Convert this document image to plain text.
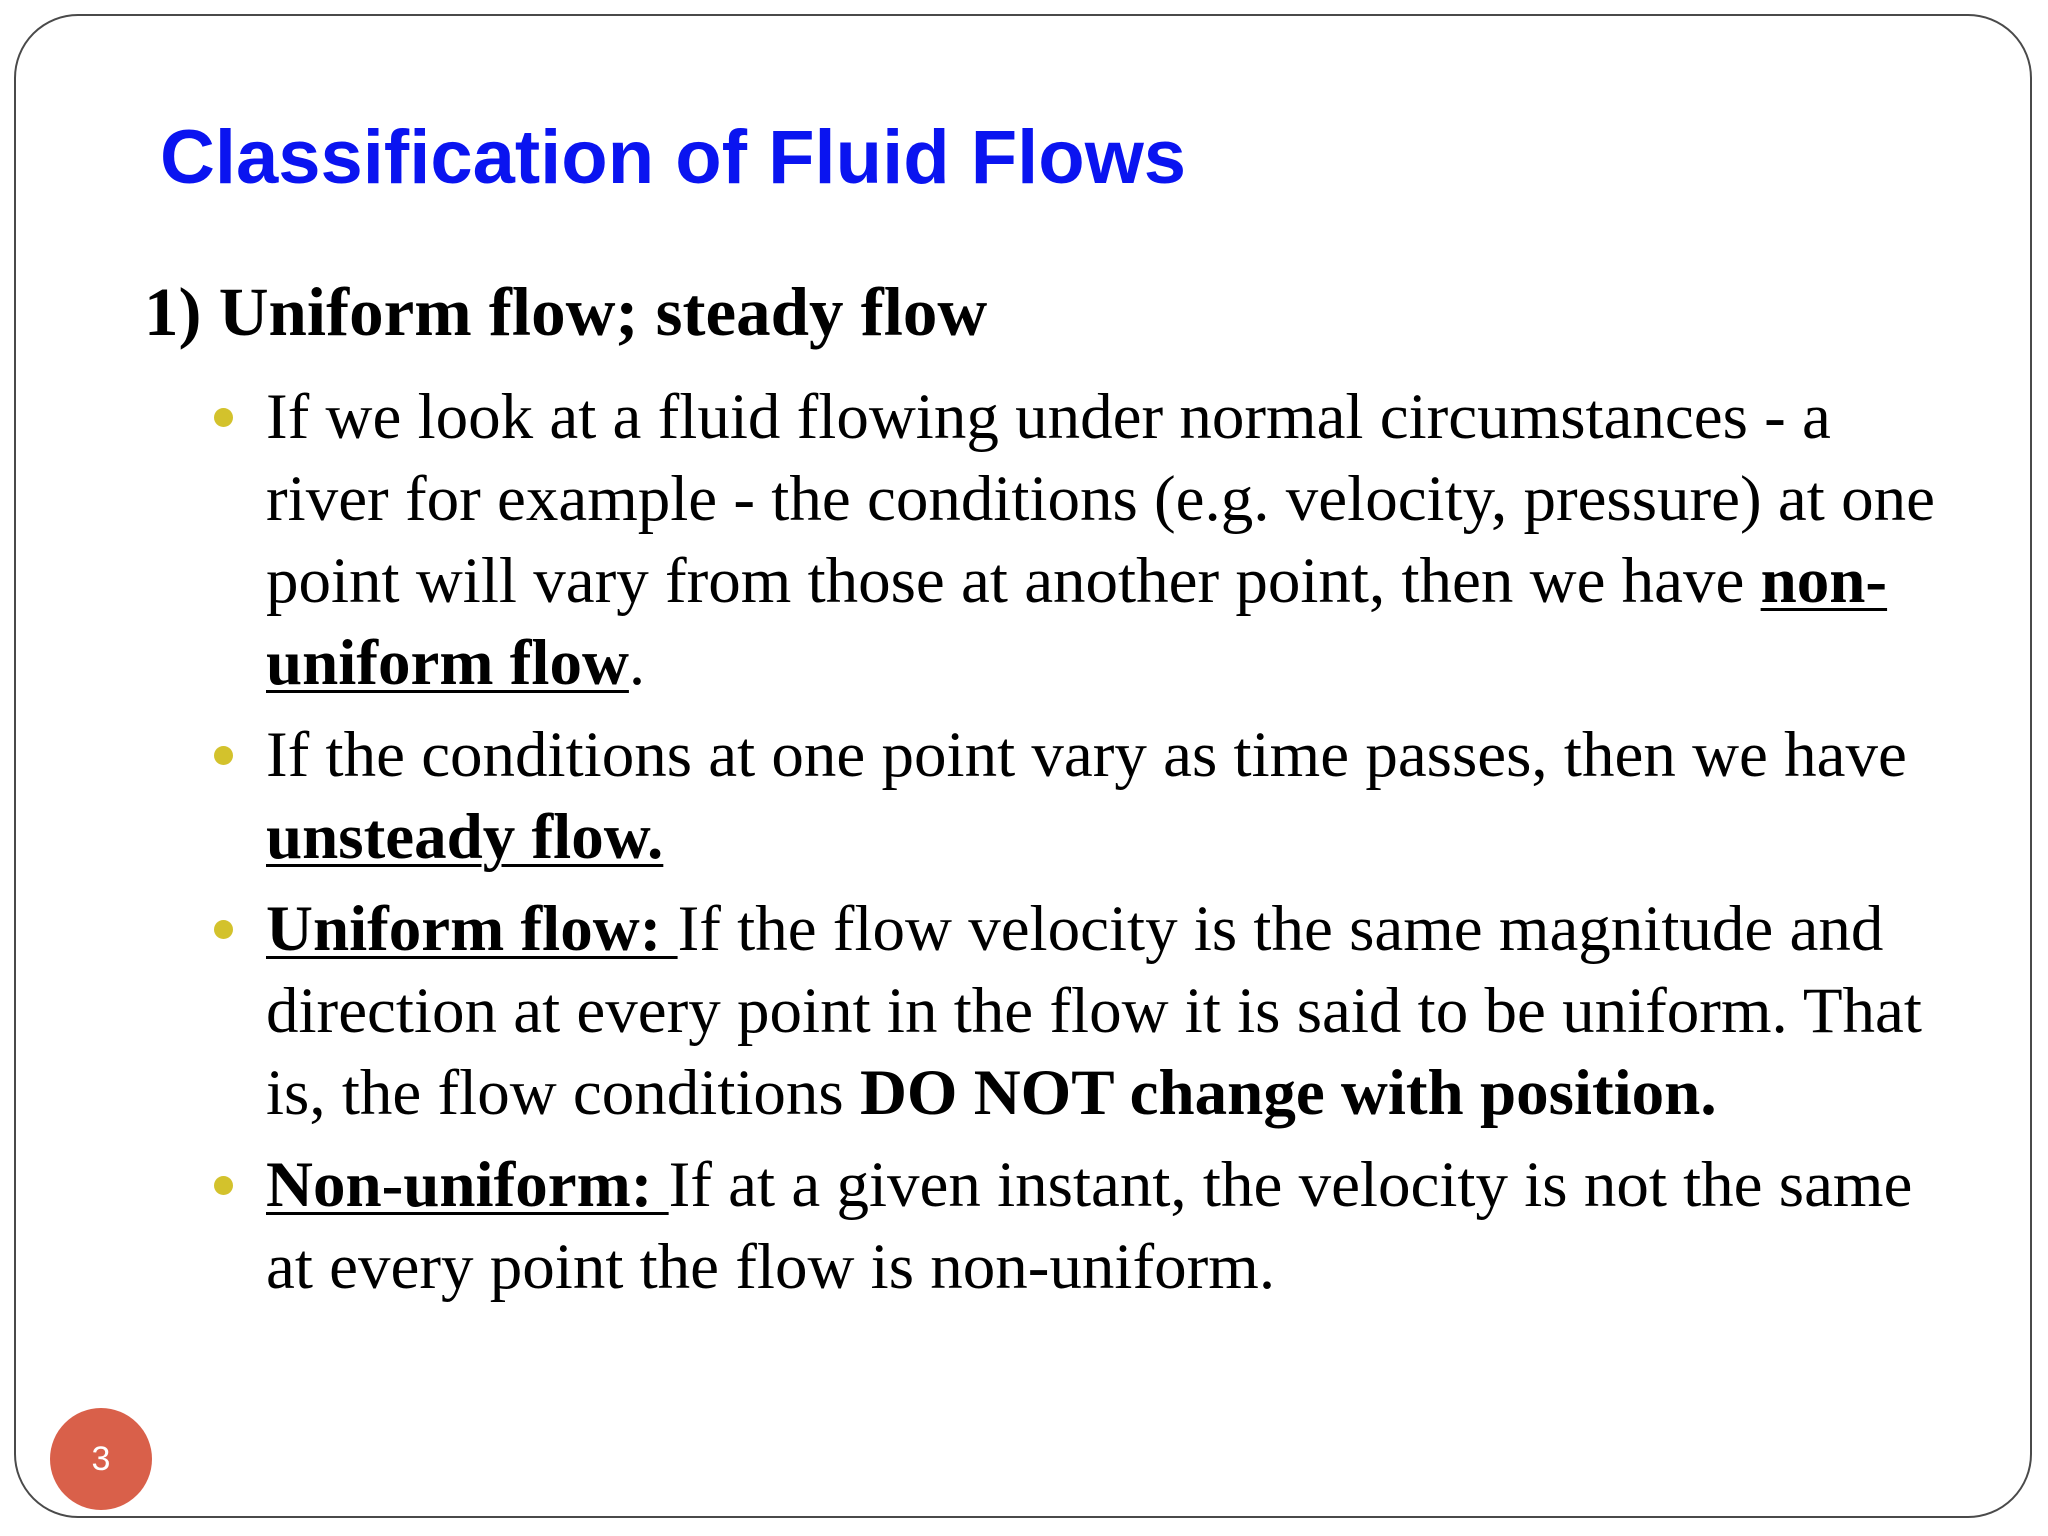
Classification of Fluid Flows
1) Uniform flow; steady flow
If we look at a fluid flowing under normal circumstances - a river for example - the conditions (e.g. velocity, pressure) at one point will vary from those at another point, then we have non-uniform flow.
If the conditions at one point vary as time passes, then we have unsteady flow.
Uniform flow: If the flow velocity is the same magnitude and direction at every point in the flow it is said to be uniform. That is, the flow conditions DO NOT change with position.
Non-uniform: If at a given instant, the velocity is not the same at every point the flow is non-uniform.
3
